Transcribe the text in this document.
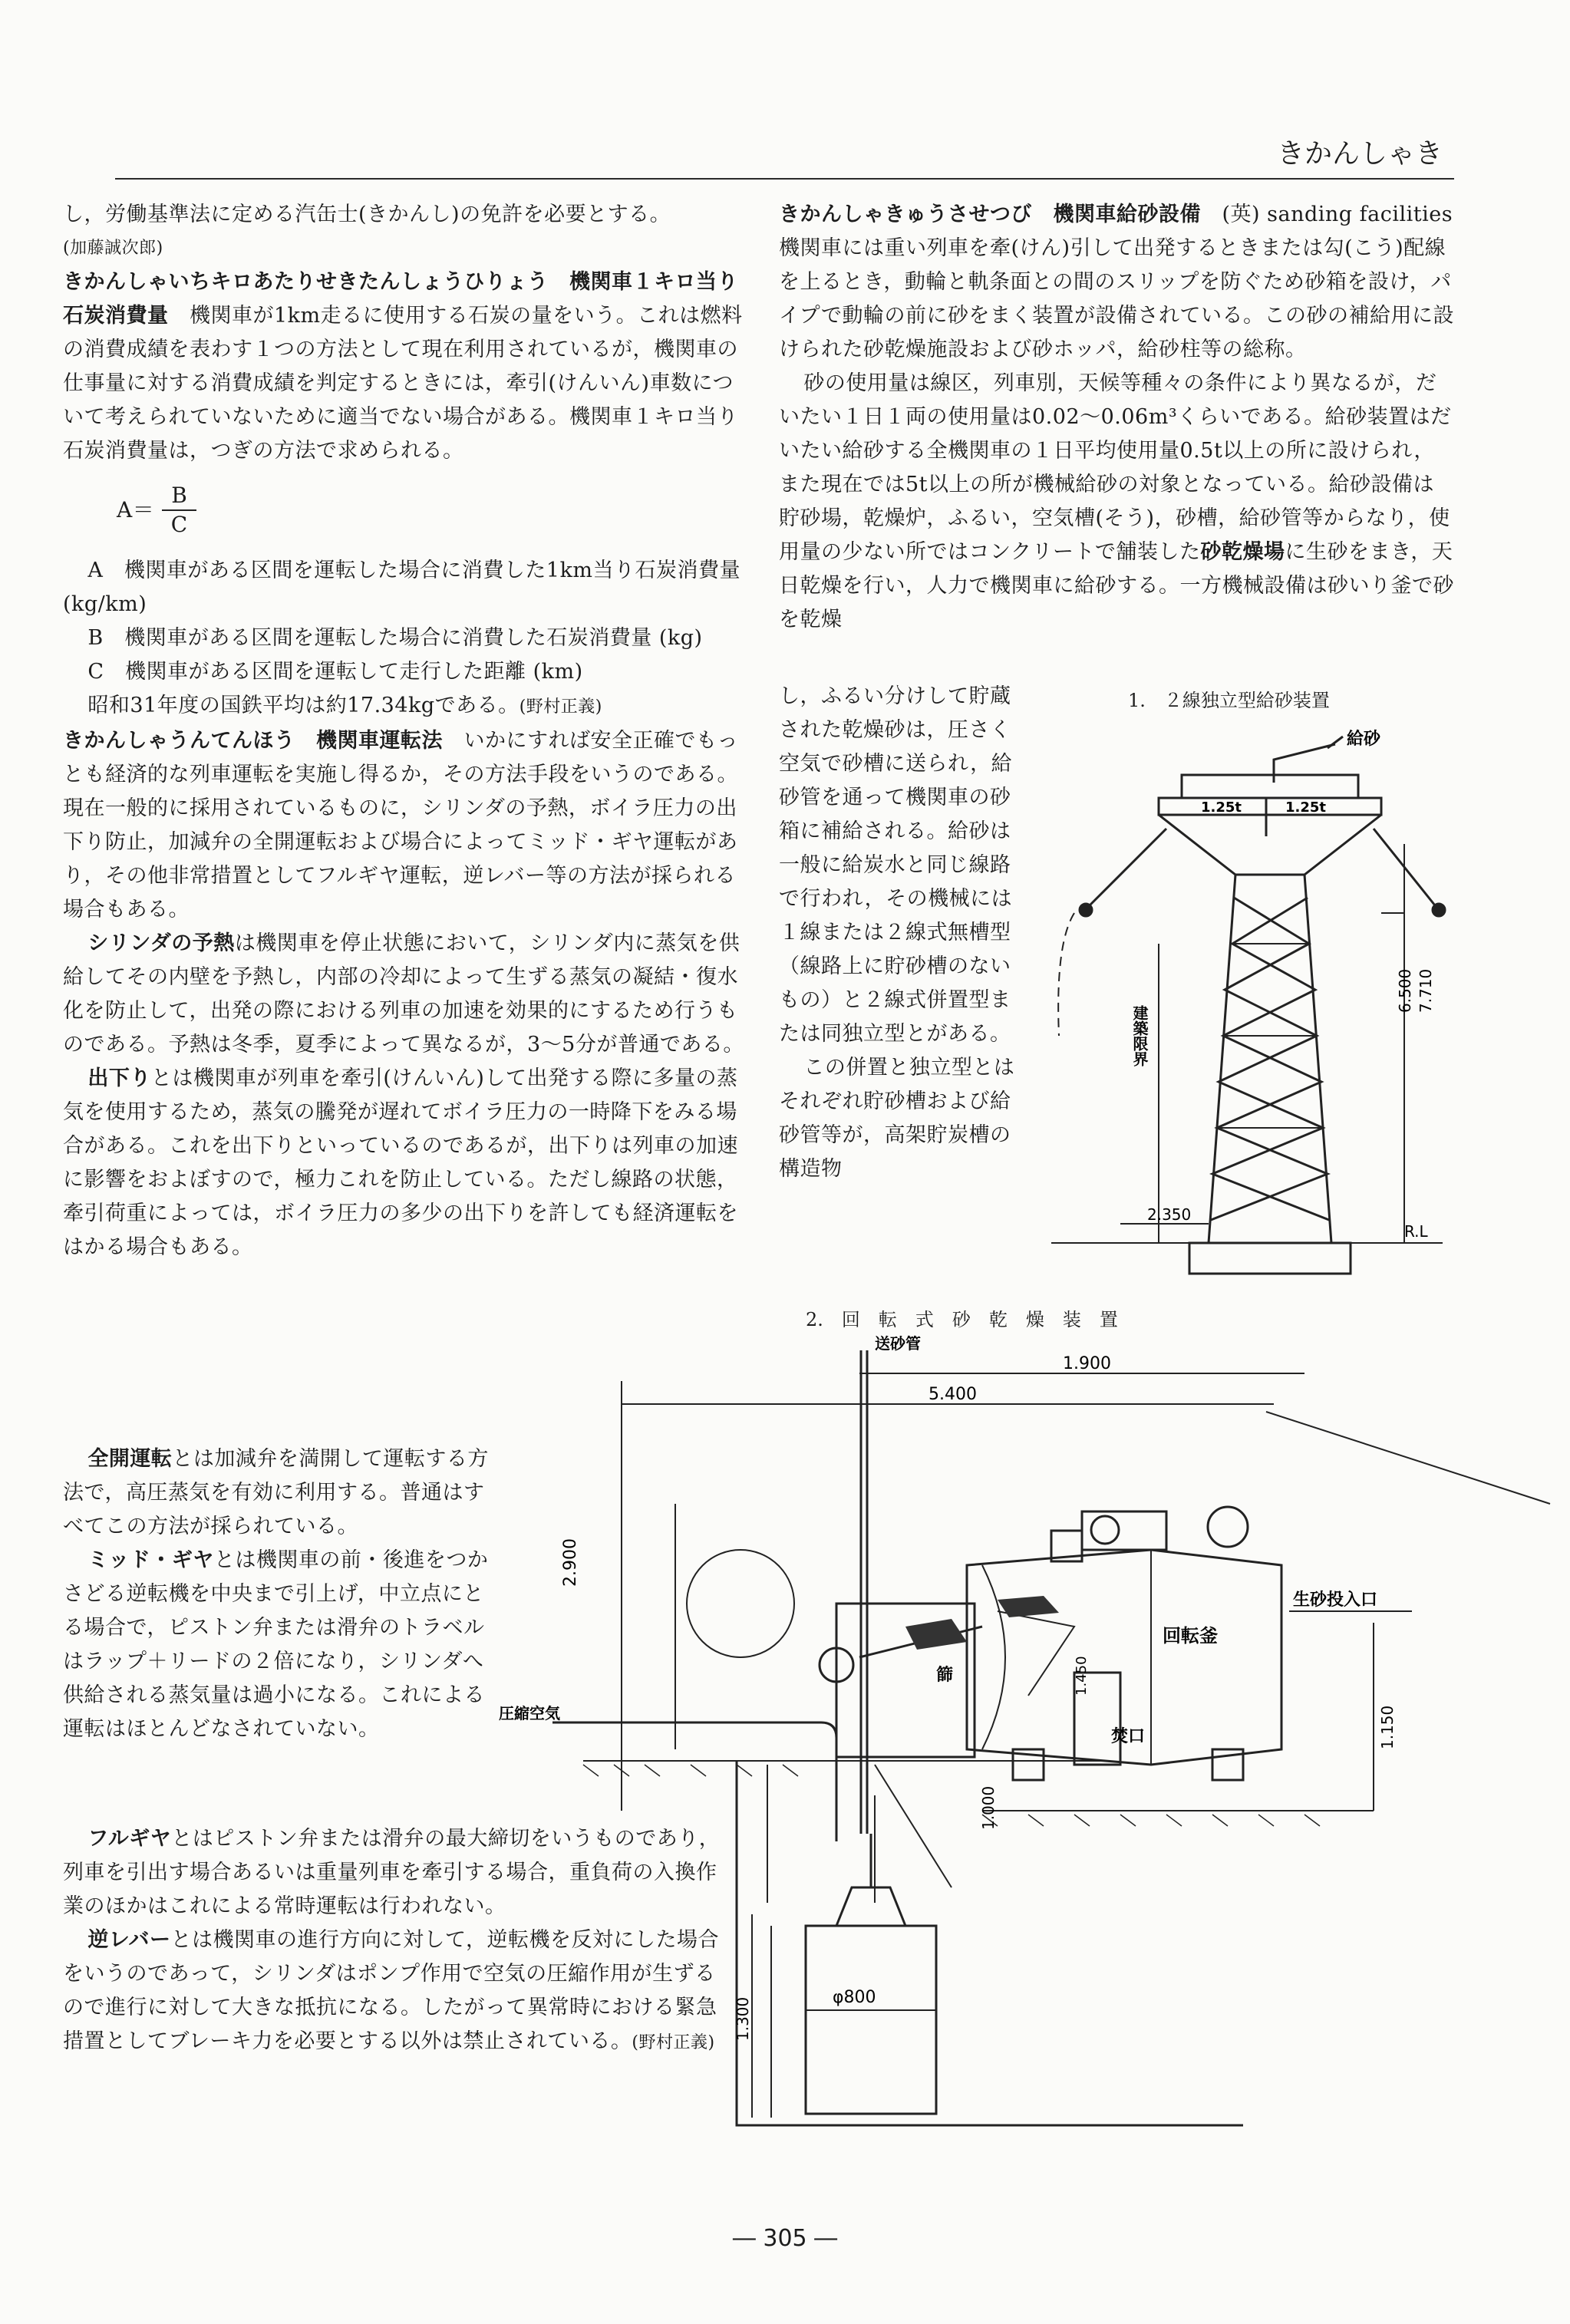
きかんしゃき

し，労働基準法に定める汽缶士(きかんし)の免許を必要とする。

(加藤誠次郎)

きかんしゃいちキロあたりせきたんしょうひりょう　機関車１キロ当り石炭消費量　 機関車が1km走るに使用する石炭の量をいう。これは燃料の消費成績を表わす１つの方法として現在利用されているが，機関車の仕事量に対する消費成績を判定するときには，牽引(けんいん)車数について考えられていないために適当でない場合がある。機関車１キロ当り石炭消費量は，つぎの方法で求められる。

$A= \frac{B}{C}$

A　機関車がある区間を運転した場合に消費した1km当り石炭消費量 (kg/km)

B　機関車がある区間を運転した場合に消費した石炭消費量 (kg)

C　機関車がある区間を運転して走行した距離 (km)

昭和31年度の国鉄平均は約17.34kgである。(野村正義)

きかんしゃうんてんほう　機関車運転法　 いかにすれば安全正確でもっとも経済的な列車運転を実施し得るか，その方法手段をいうのである。現在一般的に採用されているものに，シリンダの予熱，ボイラ圧力の出下り防止，加減弁の全開運転および場合によってミッド・ギヤ運転があり，その他非常措置としてフルギヤ運転，逆レバー等の方法が採られる場合もある。

シリンダの予熱は機関車を停止状態において，シリンダ内に蒸気を供給してその内壁を予熱し，内部の冷却によって生ずる蒸気の凝結・復水化を防止して，出発の際における列車の加速を効果的にするため行うものである。予熱は冬季，夏季によって異なるが，3～5分が普通である。

出下りとは機関車が列車を牽引(けんいん)して出発する際に多量の蒸気を使用するため，蒸気の騰発が遅れてボイラ圧力の一時降下をみる場合がある。これを出下りといっているのであるが，出下りは列車の加速に影響をおよぼすので，極力これを防止している。ただし線路の状態，牽引荷重によっては，ボイラ圧力の多少の出下りを許しても経済運転をはかる場合もある。

全開運転とは加減弁を満開して運転する方法で，高圧蒸気を有効に利用する。普通はすべてこの方法が採られている。

ミッド・ギヤとは機関車の前・後進をつかさどる逆転機を中央まで引上げ，中立点にとる場合で，ピストン弁または滑弁のトラベルはラップ＋リードの２倍になり，シリンダへ供給される蒸気量は過小になる。これによる運転はほとんどなされていない。

フルギヤとはピストン弁または滑弁の最大締切をいうものであり，列車を引出す場合あるいは重量列車を牽引する場合，重負荷の入換作業のほかはこれによる常時運転は行われない。

逆レバーとは機関車の進行方向に対して，逆転機を反対にした場合をいうのであって，シリンダはポンプ作用で空気の圧縮作用が生ずるので進行に対して大きな抵抗になる。したがって異常時における緊急措置としてブレーキ力を必要とする以外は禁止されている。(野村正義)

きかんしゃきゅうさせつび　機関車給砂設備　 (英) sanding facilities　機関車には重い列車を牽(けん)引して出発するときまたは勾(こう)配線を上るとき，動輪と軌条面との間のスリップを防ぐため砂箱を設け，パイプで動輪の前に砂をまく装置が設備されている。この砂の補給用に設けられた砂乾燥施設および砂ホッパ，給砂柱等の総称。

砂の使用量は線区，列車別，天候等種々の条件により異なるが，だいたい１日１両の使用量は0.02～0.06m³くらいである。給砂装置はだいたい給砂する全機関車の１日平均使用量0.5t以上の所に設けられ，また現在では5t以上の所が機械給砂の対象となっている。給砂設備は貯砂場，乾燥炉，ふるい，空気槽(そう)，砂槽，給砂管等からなり，使用量の少ない所ではコンクリートで舗装した砂乾燥場に生砂をまき，天日乾燥を行い，人力で機関車に給砂する。一方機械設備は砂いり釜で砂を乾燥

し，ふるい分けして貯蔵された乾燥砂は，圧さく空気で砂槽に送られ，給砂管を通って機関車の砂箱に補給される。給砂は一般に給炭水と同じ線路で行われ，その機械には１線または２線式無槽型（線路上に貯砂槽のないもの）と２線式併置型または同独立型とがある。

この併置と独立型とはそれぞれ貯砂槽および給砂管等が，高架貯炭槽の構造物

1.　２線独立型給砂装置
給砂
1.25t	1.25t
建築限界
6.500 7.710
2.350
R.L
2.　回　転　式　砂　乾　燥　装　置
送砂管
1.900
5.400
2.900
圧縮空気
1.000
1.300	φ800
1.150
1.450
回転釜
生砂投入口
焚口
篩
― 305 ―
